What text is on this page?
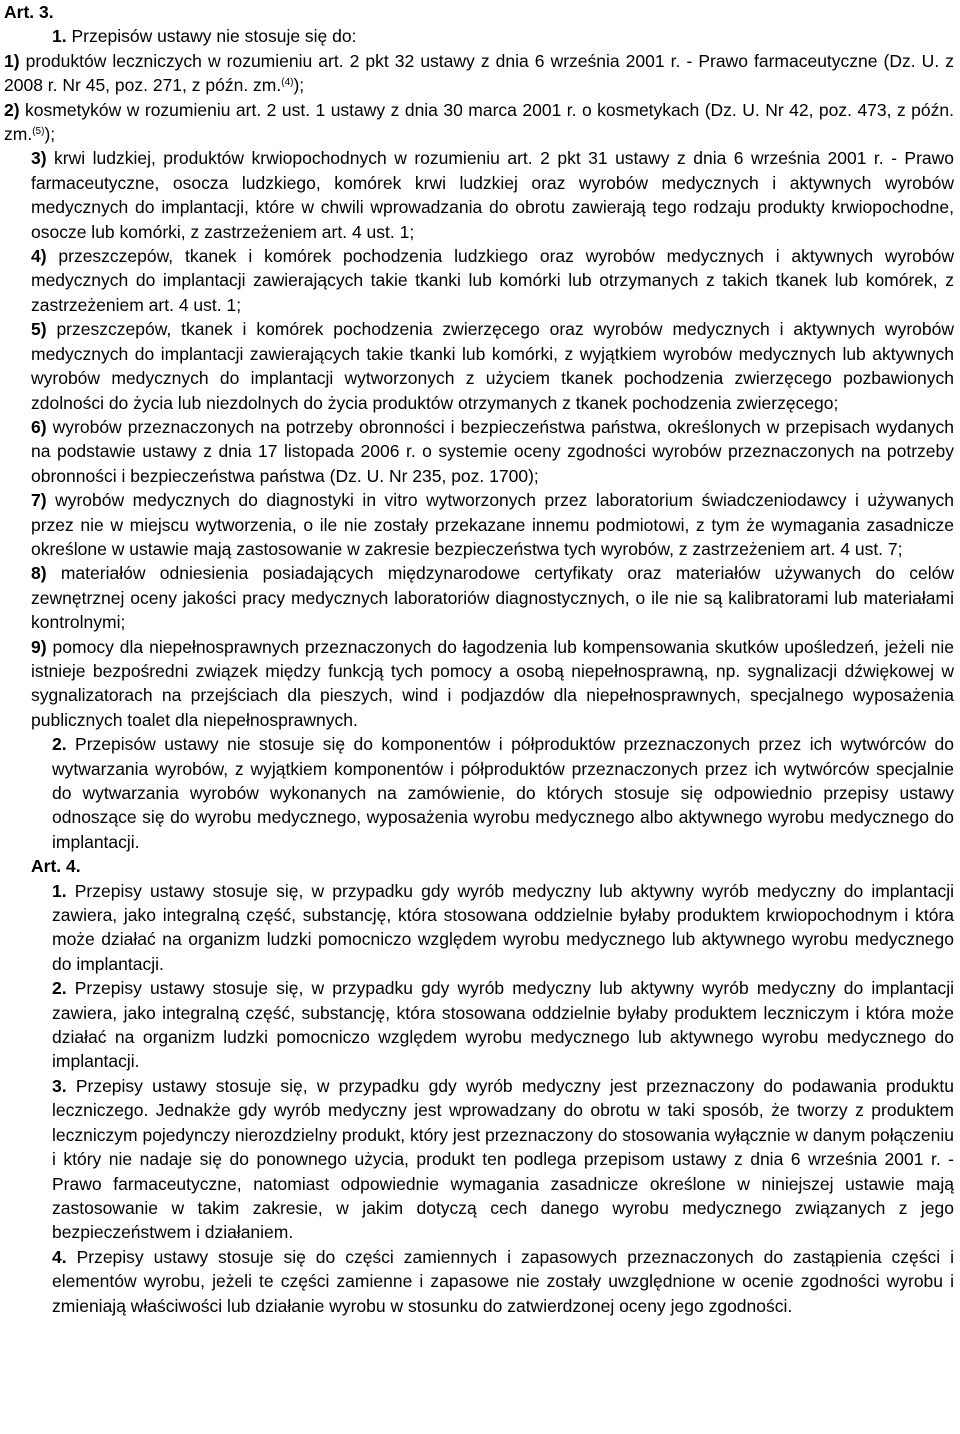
Art. 3.

1. Przepisów ustawy nie stosuje się do:

1) produktów leczniczych w rozumieniu art. 2 pkt 32 ustawy z dnia 6 września 2001 r. - Prawo farmaceutyczne (Dz. U. z 2008 r. Nr 45, poz. 271, z późn. zm.$^{(4)}$);

2) kosmetyków w rozumieniu art. 2 ust. 1 ustawy z dnia 30 marca 2001 r. o kosmetykach (Dz. U. Nr 42, poz. 473, z późn. zm.$^{(5)}$);

3) krwi ludzkiej, produktów krwiopochodnych w rozumieniu art. 2 pkt 31 ustawy z dnia 6 września 2001 r. - Prawo farmaceutyczne, osocza ludzkiego, komórek krwi ludzkiej oraz wyrobów medycznych i aktywnych wyrobów medycznych do implantacji, które w chwili wprowadzania do obrotu zawierają tego rodzaju produkty krwiopochodne, osocze lub komórki, z zastrzeżeniem art. 4 ust. 1;

4) przeszczepów, tkanek i komórek pochodzenia ludzkiego oraz wyrobów medycznych i aktywnych wyrobów medycznych do implantacji zawierających takie tkanki lub komórki lub otrzymanych z takich tkanek lub komórek, z zastrzeżeniem art. 4 ust. 1;

5) przeszczepów, tkanek i komórek pochodzenia zwierzęcego oraz wyrobów medycznych i aktywnych wyrobów medycznych do implantacji zawierających takie tkanki lub komórki, z wyjątkiem wyrobów medycznych lub aktywnych wyrobów medycznych do implantacji wytworzonych z użyciem tkanek pochodzenia zwierzęcego pozbawionych zdolności do życia lub niezdolnych do życia produktów otrzymanych z tkanek pochodzenia zwierzęcego;

6) wyrobów przeznaczonych na potrzeby obronności i bezpieczeństwa państwa, określonych w przepisach wydanych na podstawie ustawy z dnia 17 listopada 2006 r. o systemie oceny zgodności wyrobów przeznaczonych na potrzeby obronności i bezpieczeństwa państwa (Dz. U. Nr 235, poz. 1700);

7) wyrobów medycznych do diagnostyki in vitro wytworzonych przez laboratorium świadczeniodawcy i używanych przez nie w miejscu wytworzenia, o ile nie zostały przekazane innemu podmiotowi, z tym że wymagania zasadnicze określone w ustawie mają zastosowanie w zakresie bezpieczeństwa tych wyrobów, z zastrzeżeniem art. 4 ust. 7;

8) materiałów odniesienia posiadających międzynarodowe certyfikaty oraz materiałów używanych do celów zewnętrznej oceny jakości pracy medycznych laboratoriów diagnostycznych, o ile nie są kalibratorami lub materiałami kontrolnymi;

9) pomocy dla niepełnosprawnych przeznaczonych do łagodzenia lub kompensowania skutków upośledzeń, jeżeli nie istnieje bezpośredni związek między funkcją tych pomocy a osobą niepełnosprawną, np. sygnalizacji dźwiękowej w sygnalizatorach na przejściach dla pieszych, wind i podjazdów dla niepełnosprawnych, specjalnego wyposażenia publicznych toalet dla niepełnosprawnych.

2. Przepisów ustawy nie stosuje się do komponentów i półproduktów przeznaczonych przez ich wytwórców do wytwarzania wyrobów, z wyjątkiem komponentów i półproduktów przeznaczonych przez ich wytwórców specjalnie do wytwarzania wyrobów wykonanych na zamówienie, do których stosuje się odpowiednio przepisy ustawy odnoszące się do wyrobu medycznego, wyposażenia wyrobu medycznego albo aktywnego wyrobu medycznego do implantacji.

Art. 4.

1. Przepisy ustawy stosuje się, w przypadku gdy wyrób medyczny lub aktywny wyrób medyczny do implantacji zawiera, jako integralną część, substancję, która stosowana oddzielnie byłaby produktem krwiopochodnym i która może działać na organizm ludzki pomocniczo względem wyrobu medycznego lub aktywnego wyrobu medycznego do implantacji.

2. Przepisy ustawy stosuje się, w przypadku gdy wyrób medyczny lub aktywny wyrób medyczny do implantacji zawiera, jako integralną część, substancję, która stosowana oddzielnie byłaby produktem leczniczym i która może działać na organizm ludzki pomocniczo względem wyrobu medycznego lub aktywnego wyrobu medycznego do implantacji.

3. Przepisy ustawy stosuje się, w przypadku gdy wyrób medyczny jest przeznaczony do podawania produktu leczniczego. Jednakże gdy wyrób medyczny jest wprowadzany do obrotu w taki sposób, że tworzy z produktem leczniczym pojedynczy nierozdzielny produkt, który jest przeznaczony do stosowania wyłącznie w danym połączeniu i który nie nadaje się do ponownego użycia, produkt ten podlega przepisom ustawy z dnia 6 września 2001 r. - Prawo farmaceutyczne, natomiast odpowiednie wymagania zasadnicze określone w niniejszej ustawie mają zastosowanie w takim zakresie, w jakim dotyczą cech danego wyrobu medycznego związanych z jego bezpieczeństwem i działaniem.

4. Przepisy ustawy stosuje się do części zamiennych i zapasowych przeznaczonych do zastąpienia części i elementów wyrobu, jeżeli te części zamienne i zapasowe nie zostały uwzględnione w ocenie zgodności wyrobu i zmieniają właściwości lub działanie wyrobu w stosunku do zatwierdzonej oceny jego zgodności.
